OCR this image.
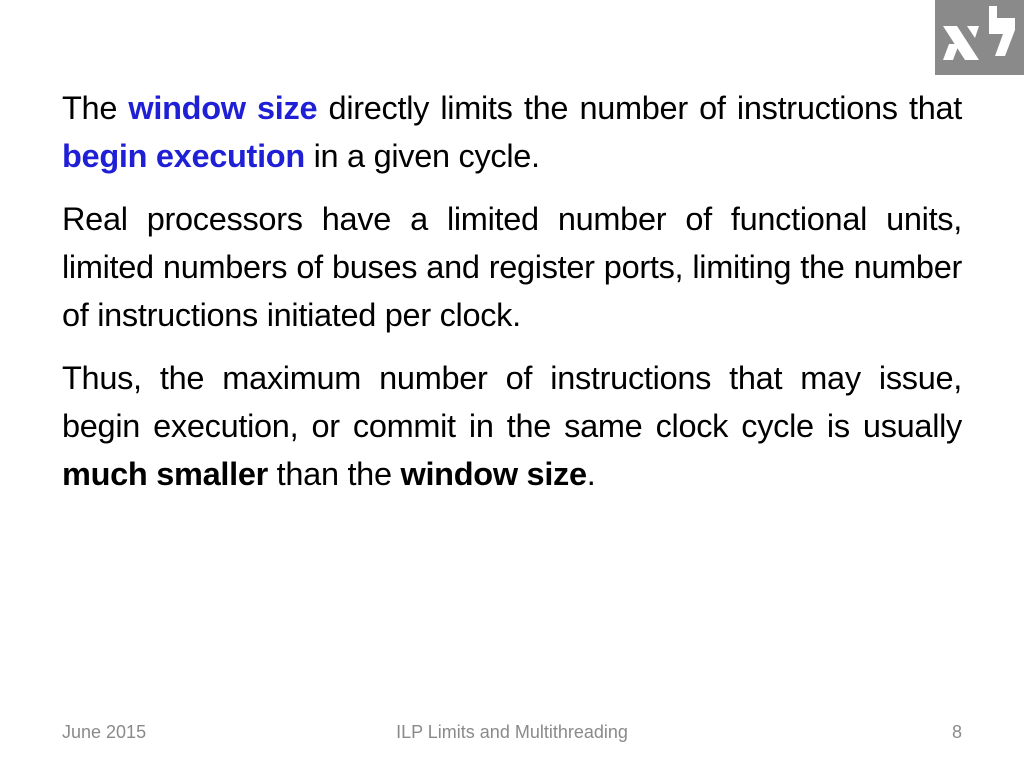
The window size directly limits the number of instructions that begin execution in a given cycle.

Real processors have a limited number of functional units, limited numbers of buses and register ports, limiting the number of instructions initiated per clock.

Thus, the maximum number of instructions that may issue, begin execution, or commit in the same clock cycle is usually much smaller than the window size.

June 2015	ILP Limits and Multithreading	8
